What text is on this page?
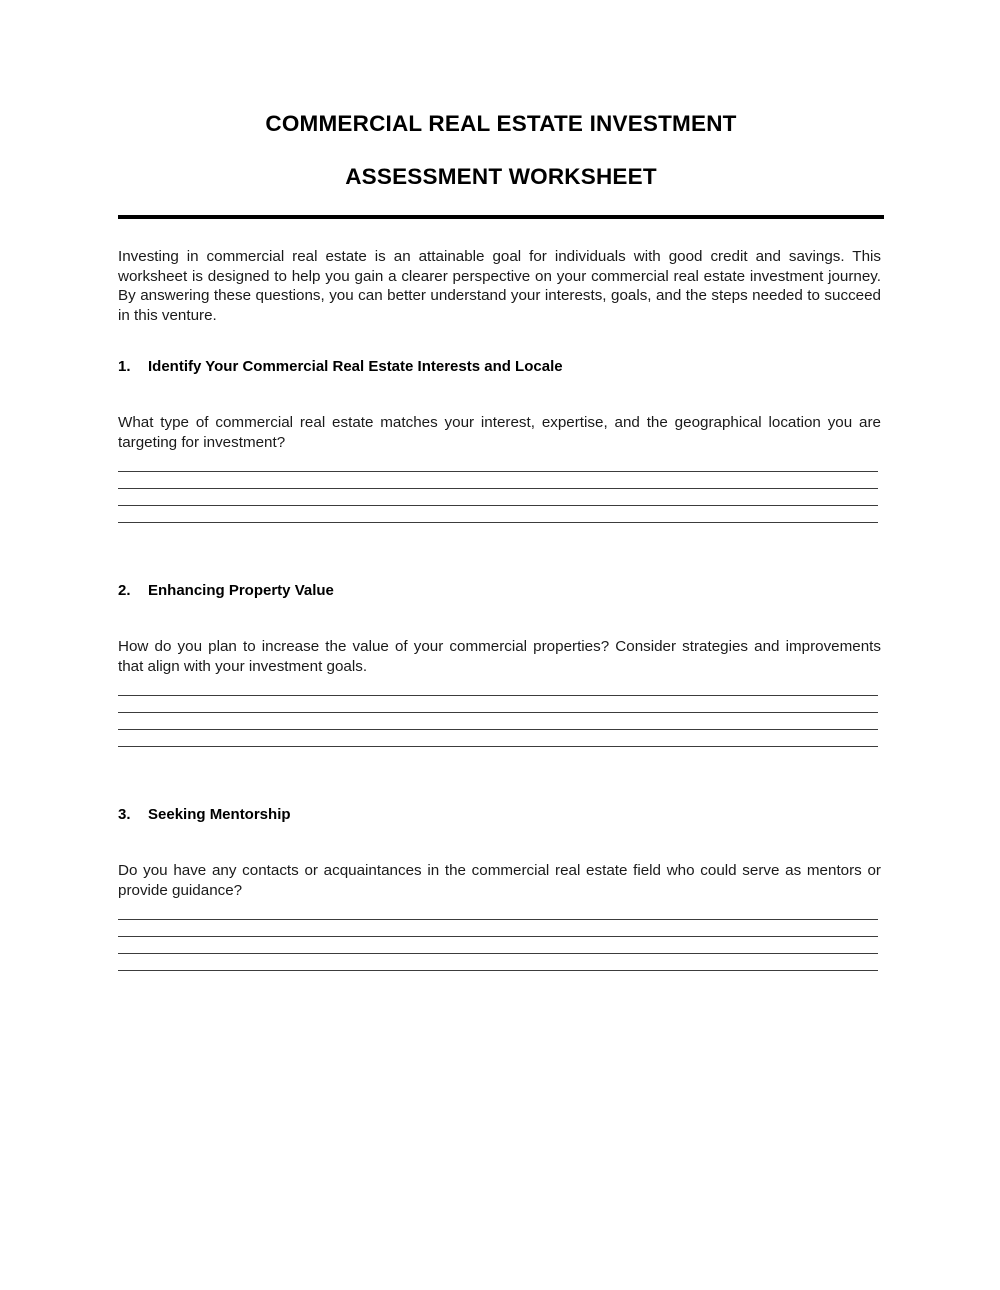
COMMERCIAL REAL ESTATE INVESTMENT
ASSESSMENT WORKSHEET
Investing in commercial real estate is an attainable goal for individuals with good credit and savings. This worksheet is designed to help you gain a clearer perspective on your commercial real estate investment journey. By answering these questions, you can better understand your interests, goals, and the steps needed to succeed in this venture.
1. Identify Your Commercial Real Estate Interests and Locale
What type of commercial real estate matches your interest, expertise, and the geographical location you are targeting for investment?
2. Enhancing Property Value
How do you plan to increase the value of your commercial properties? Consider strategies and improvements that align with your investment goals.
3. Seeking Mentorship
Do you have any contacts or acquaintances in the commercial real estate field who could serve as mentors or provide guidance?
